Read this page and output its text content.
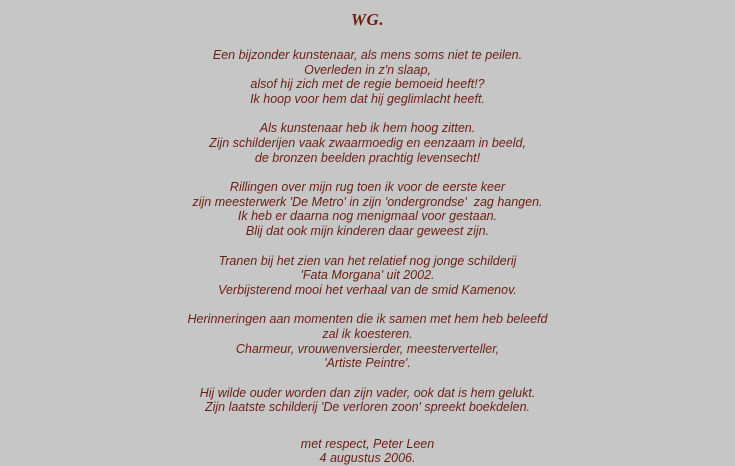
WG.
Een bijzonder kunstenaar, als mens soms niet te peilen.
Overleden in z'n slaap,
alsof hij zich met de regie bemoeid heeft!?
Ik hoop voor hem dat hij geglimlacht heeft.
Als kunstenaar heb ik hem hoog zitten.
Zijn schilderijen vaak zwaarmoedig en eenzaam in beeld,
de bronzen beelden prachtig levensecht!
Rillingen over mijn rug toen ik voor de eerste keer
zijn meesterwerk 'De Metro' in zijn 'ondergrondse'  zag hangen.
Ik heb er daarna nog menigmaal voor gestaan.
Blij dat ook mijn kinderen daar geweest zijn.
Tranen bij het zien van het relatief nog jonge schilderij
'Fata Morgana' uit 2002.
Verbijsterend mooi het verhaal van de smid Kamenov.
Herinneringen aan momenten die ik samen met hem heb beleefd
zal ik koesteren.
Charmeur, vrouwenversierder, meesterverteller,
'Artiste Peintre'.
Hij wilde ouder worden dan zijn vader, ook dat is hem gelukt.
Zijn laatste schilderij 'De verloren zoon' spreekt boekdelen.
met respect, Peter Leen
4 augustus 2006.
